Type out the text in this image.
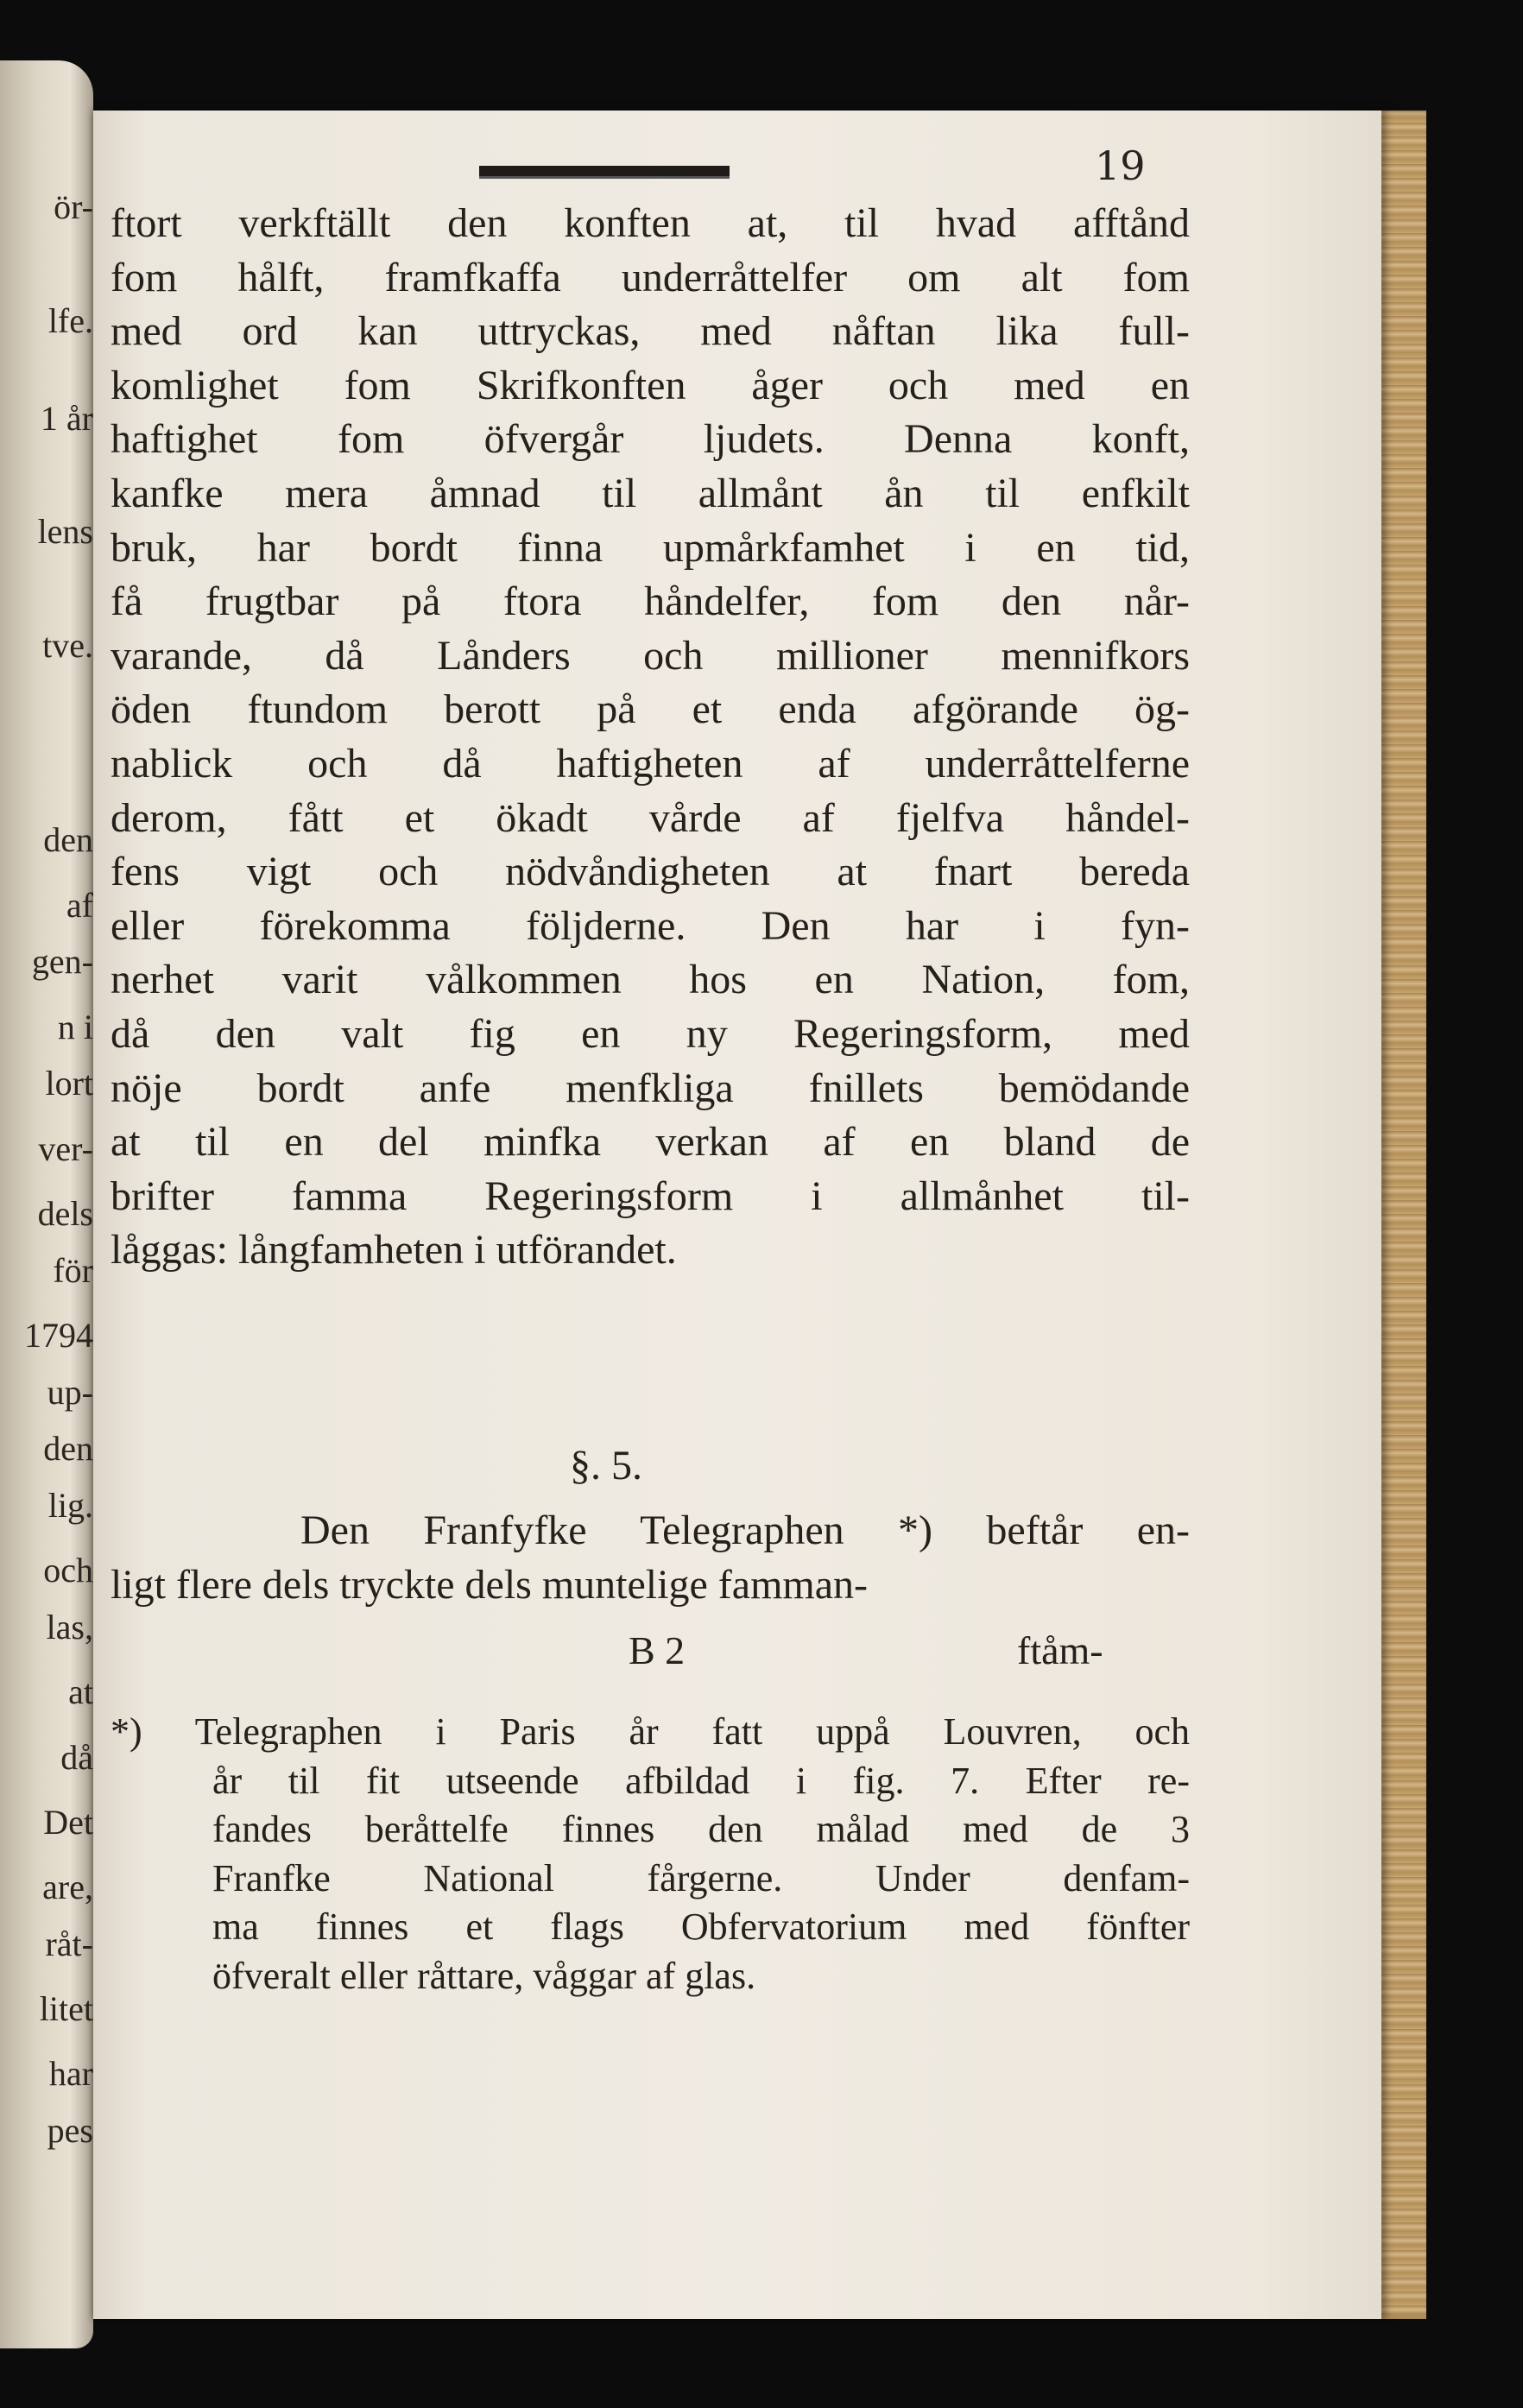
ör-
lfe.
1 år
lens
tve.
den
af
gen-
n i
lort
ver-
dels
för
1794
up-
den
lig.
och
las,
at
då
Det
are,
råt-
litet
har
pes
19
ftort verkftällt den konften at, til hvad afftånd
fom hålft, framfkaffa underråttelfer om alt fom
med ord kan uttryckas, med nåftan lika full-
komlighet fom Skrifkonften åger och med en
haftighet fom öfvergår ljudets. Denna konft,
kanfke mera åmnad til allmånt ån til enfkilt
bruk, har bordt finna upmårkfamhet i en tid,
få frugtbar på ftora håndelfer, fom den når-
varande, då Lånders och millioner mennifkors
öden ftundom berott på et enda afgörande ög-
nablick och då haftigheten af underråttelferne
derom, fått et ökadt vårde af fjelfva håndel-
fens vigt och nödvåndigheten at fnart bereda
eller förekomma följderne. Den har i fyn-
nerhet varit vålkommen hos en Nation, fom,
då den valt fig en ny Regeringsform, med
nöje bordt anfe menfkliga fnillets bemödande
at til en del minfka verkan af en bland de
brifter famma Regeringsform i allmånhet til-
låggas: långfamheten i utförandet.
§. 5.
Den Franfyfke Telegraphen *) beftår en-
ligt flere dels tryckte dels muntelige famman-
B 2	ftåm-
*) Telegraphen i Paris år fatt uppå Louvren, och
år til fit utseende afbildad i fig. 7. Efter re-
fandes beråttelfe finnes den målad med de 3
Franfke National fårgerne. Under denfam-
ma finnes et flags Obfervatorium med fönfter
öfveralt eller råttare, våggar af glas.
